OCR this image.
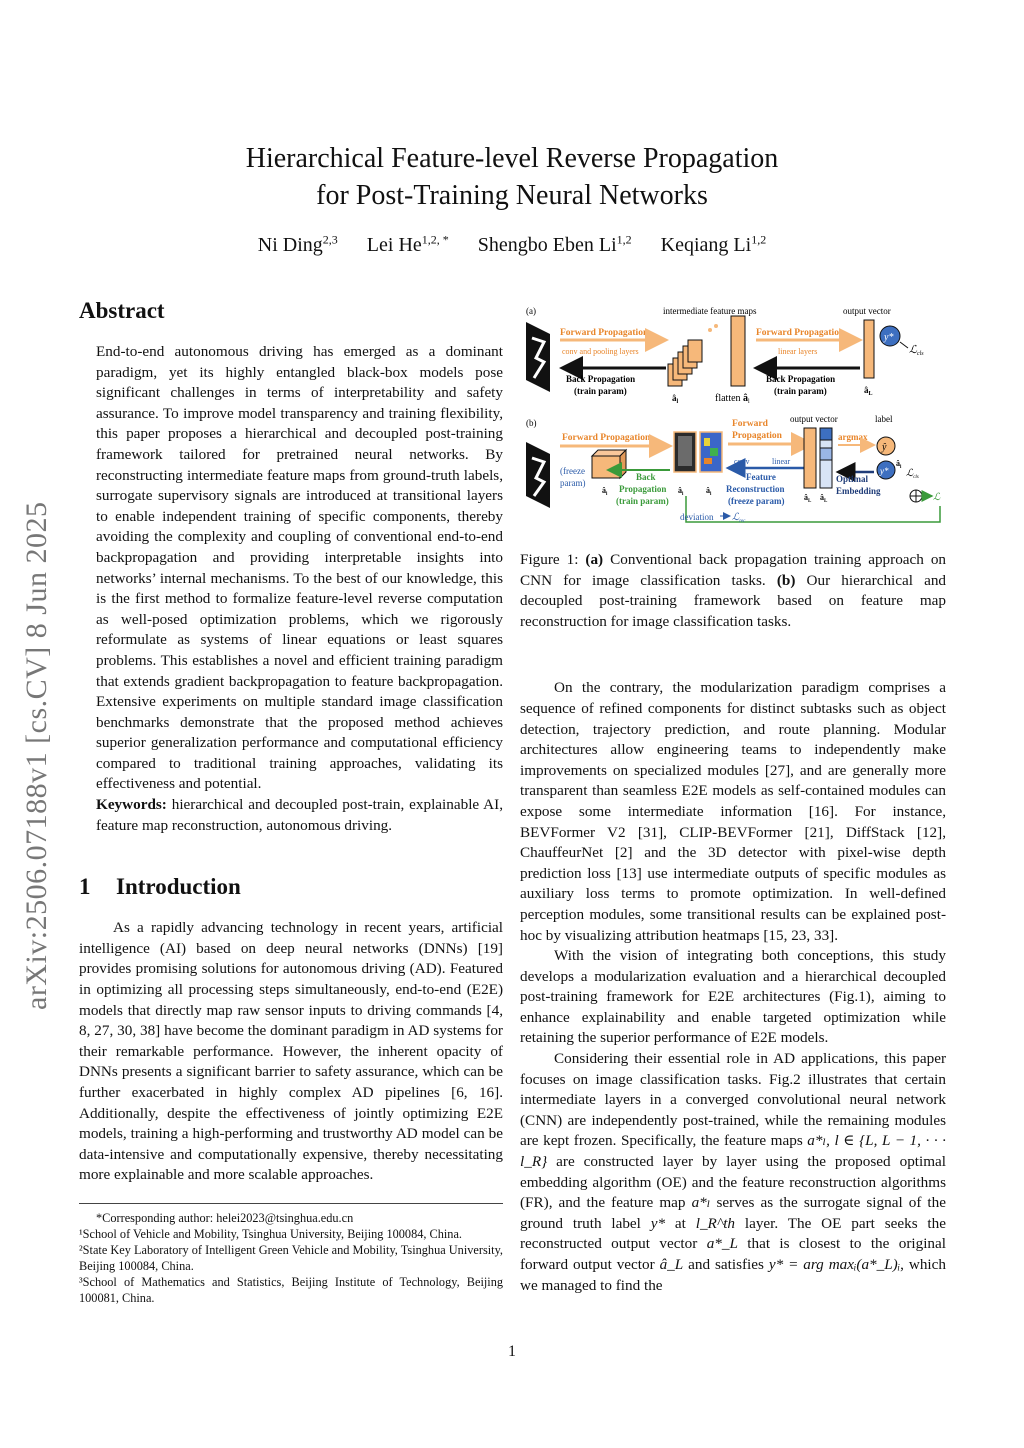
arXiv:2506.07188v1 [cs.CV] 8 Jun 2025
Hierarchical Feature-level Reverse Propagation
for Post-Training Neural Networks
Ni Ding$^{2,3}$ Lei $He^{1,2, *}$ Shengbo Eben Li$^{1,2}$ Keqiang Li$^{1,2}$
Abstract

End-to-end autonomous driving has emerged as a dominant paradigm, yet its highly entangled black-box models pose significant challenges in terms of interpretability and safety assurance. To improve model transparency and training flexibility, this paper proposes a hierarchical and decoupled post-training framework tailored for pretrained neural networks. By reconstructing intermediate feature maps from ground-truth labels, surrogate supervisory signals are introduced at transitional layers to enable independent training of specific components, thereby avoiding the complexity and coupling of conventional end-to-end backpropagation and providing interpretable insights into networks’ internal mechanisms. To the best of our knowledge, this is the first method to formalize feature-level reverse computation as well-posed optimization problems, which we rigorously reformulate as systems of linear equations or least squares problems. This establishes a novel and efficient training paradigm that extends gradient backpropagation to feature backpropagation. Extensive experiments on multiple standard image classification benchmarks demonstrate that the proposed method achieves superior generalization performance and computational efficiency compared to traditional training approaches, validating its effectiveness and potential.

Keywords: hierarchical and decoupled post-train, explainable AI, feature map reconstruction, autonomous driving.

1 Introduction

As a rapidly advancing technology in recent years, artificial intelligence (AI) based on deep neural networks (DNNs) [19] provides promising solutions for autonomous driving (AD). Featured in optimizing all processing steps simultaneously, end-to-end (E2E) models that directly map raw sensor inputs to driving commands [4, 8, 27, 30, 38] have become the dominant paradigm in AD systems for their remarkable performance. However, the inherent opacity of DNNs presents a significant barrier to safety assurance, which can be further exacerbated in highly complex AD pipelines [6, 16]. Additionally, despite the effectiveness of jointly optimizing E2E models, training a high-performing and trustworthy AD model can be data-intensive and computationally expensive, thereby necessitating more explainable and more scalable approaches.

*Corresponding author: helei2023@tsinghua.edu.cn
¹School of Vehicle and Mobility, Tsinghua University, Beijing 100084, China.
²State Key Laboratory of Intelligent Green Vehicle and Mobility, Tsinghua University, Beijing 100084, China.
³School of Mathematics and Statistics, Beijing Institute of Technology, Beijing 100081, China.
(a)	intermediate feature maps	output vector
Forward Propagation
conv and pooling layers
Back Propagation
(train param)
$â_l$	flatten $â_l$
Forward Propagation
linear layers
Back Propagation
(train param)	$â_L$
y*
ℒcls
(b)	output vector	label
Forward Propagation
(freeze
param)
Back
Propagation
(train param)
$â_l$	$â_l$	$â_l$
Forward
Propagation
conv	linear
Feature
Reconstruction
(freeze param) $â_L$ $â_L$
argmax
ŷ
Optimal
Embedding
y*
$â_l$
ℒ$_{cls}$
ℒ
deviation ℒ$_{rec}$

Figure 1: (a) Conventional back propagation training approach on CNN for image classification tasks. (b) Our hierarchical and decoupled post-training framework based on feature map reconstruction for image classification tasks.

On the contrary, the modularization paradigm comprises a sequence of refined components for distinct subtasks such as object detection, trajectory prediction, and route planning. Modular architectures allow engineering teams to independently make improvements on specialized modules [27], and are generally more transparent than seamless E2E models as self-contained modules can expose some intermediate information [16]. For instance, BEVFormer V2 [31], CLIP-BEVFormer [21], DiffStack [12], ChauffeurNet [2] and the 3D detector with pixel-wise depth prediction loss [13] use intermediate outputs of specific modules as auxiliary loss terms to promote optimization. In well-defined perception modules, some transitional results can be explained post-hoc by visualizing attribution heatmaps [15, 23, 33].

With the vision of integrating both conceptions, this study develops a modularization evaluation and a hierarchical decoupled post-training framework for E2E architectures (Fig.1), aiming to enhance explainability and enable targeted optimization while retaining the superior performance of E2E models.

Considering their essential role in AD applications, this paper focuses on image classification tasks. Fig.2 illustrates that certain intermediate layers in a converged convolutional neural network (CNN) are independently post-trained, while the remaining modules are kept frozen. Specifically, the feature maps a*ₗ, l ∈ {L, L − 1, · · · l_R} are constructed layer by layer using the proposed optimal embedding algorithm (OE) and the feature reconstruction algorithms (FR), and the feature map a*ₗ serves as the surrogate signal of the ground truth label y* at l_R^th layer. The OE part seeks the reconstructed output vector a*_L that is closest to the original forward output vector â_L and satisfies y* = arg maxᵢ(a*_L)ᵢ, which we managed to find the

1
